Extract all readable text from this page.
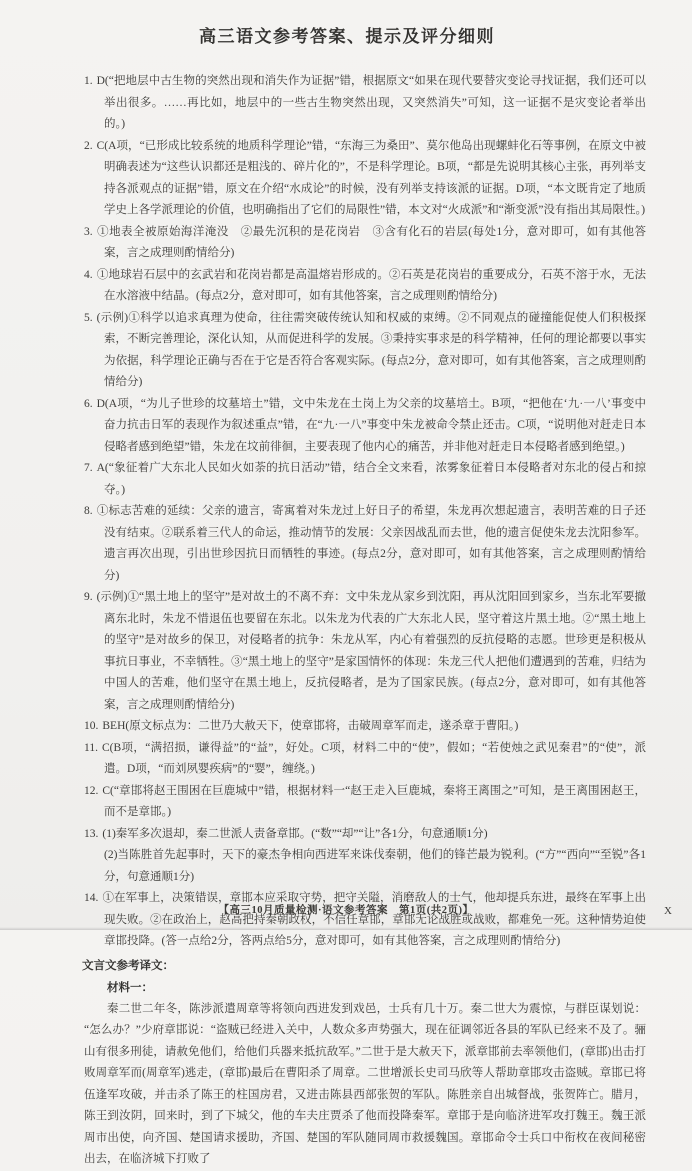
高三语文参考答案、提示及评分细则

1. D(“把地层中古生物的突然出现和消失作为证据”错，根据原文“如果在现代要替灾变论寻找证据，我们还可以举出很多。……再比如，地层中的一些古生物突然出现，又突然消失”可知，这一证据不是灾变论者举出的。)

2. C(A项，“已形成比较系统的地质科学理论”错，“东海三为桑田”、莫尔他岛出现螺蚌化石等事例，在原文中被明确表述为“这些认识都还是粗浅的、碎片化的”，不是科学理论。B项，“都是先说明其核心主张，再列举支持各派观点的证据”错，原文在介绍“水成论”的时候，没有列举支持该派的证据。D项，“本文既肯定了地质学史上各学派理论的价值，也明确指出了它们的局限性”错，本文对“火成派”和“渐变派”没有指出其局限性。)

3. ①地表全被原始海洋淹没　②最先沉积的是花岗岩　③含有化石的岩层(每处1分，意对即可，如有其他答案，言之成理则酌情给分)

4. ①地球岩石层中的玄武岩和花岗岩都是高温熔岩形成的。②石英是花岗岩的重要成分，石英不溶于水，无法在水溶液中结晶。(每点2分，意对即可，如有其他答案，言之成理则酌情给分)

5. (示例)①科学以追求真理为使命，往往需突破传统认知和权威的束缚。②不同观点的碰撞能促使人们积极探索，不断完善理论，深化认知，从而促进科学的发展。③秉持实事求是的科学精神，任何的理论都要以事实为依据，科学理论正确与否在于它是否符合客观实际。(每点2分，意对即可，如有其他答案，言之成理则酌情给分)

6. D(A项，“为儿子世珍的坟墓培土”错，文中朱龙在土岗上为父亲的坟墓培土。B项，“把他在‘九·一八’事变中奋力抗击日军的表现作为叙述重点”错，在“九·一八”事变中朱龙被命令禁止还击。C项，“说明他对赶走日本侵略者感到绝望”错，朱龙在坟前徘徊，主要表现了他内心的痛苦，并非他对赶走日本侵略者感到绝望。)

7. A(“象征着广大东北人民如火如荼的抗日活动”错，结合全文来看，浓雾象征着日本侵略者对东北的侵占和掠夺。)

8. ①标志苦难的延续：父亲的遗言，寄寓着对朱龙过上好日子的希望，朱龙再次想起遗言，表明苦难的日子还没有结束。②联系着三代人的命运，推动情节的发展：父亲因战乱而去世，他的遗言促使朱龙去沈阳参军。遗言再次出现，引出世珍因抗日而牺牲的事迹。(每点2分，意对即可，如有其他答案，言之成理则酌情给分)

9. (示例)①“黑土地上的坚守”是对故土的不离不弃：文中朱龙从家乡到沈阳，再从沈阳回到家乡，当东北军要撤离东北时，朱龙不惜退伍也要留在东北。以朱龙为代表的广大东北人民，坚守着这片黑土地。②“黑土地上的坚守”是对故乡的保卫，对侵略者的抗争：朱龙从军，内心有着强烈的反抗侵略的志愿。世珍更是积极从事抗日事业，不幸牺牲。③“黑土地上的坚守”是家国情怀的体现：朱龙三代人把他们遭遇到的苦难，归结为中国人的苦难，他们坚守在黑土地上，反抗侵略者，是为了国家民族。(每点2分，意对即可，如有其他答案，言之成理则酌情给分)

10. BEH(原文标点为：二世乃大赦天下，使章邯将，击破周章军而走，遂杀章于曹阳。)

11. C(B项，“满招损，谦得益”的“益”，好处。C项，材料二中的“使”，假如；“若使烛之武见秦君”的“使”，派遣。D项，“而刘夙婴疾病”的“婴”，缠绕。)

12. C(“章邯将赵王围困在巨鹿城中”错，根据材料一“赵王走入巨鹿城，秦将王离围之”可知，是王离围困赵王，而不是章邯。)

13. (1)秦军多次退却，秦二世派人责备章邯。(“数”“却”“让”各1分，句意通顺1分)

(2)当陈胜首先起事时，天下的豪杰争相向西进军来诛伐秦朝，他们的锋芒最为锐利。(“方”“西向”“至锐”各1分，句意通顺1分)

14. ①在军事上，决策错误，章邯本应采取守势，把守关隘，消磨敌人的士气，他却提兵东进，最终在军事上出现失败。②在政治上，赵高把持秦朝政权，不信任章邯，章邯无论战胜或战败，都难免一死。这种情势迫使章邯投降。(答一点给2分，答两点给5分，意对即可，如有其他答案，言之成理则酌情给分)

文言文参考译文：

材料一：

秦二世二年冬，陈涉派遣周章等将领向西进发到戏邑，士兵有几十万。秦二世大为震惊，与群臣谋划说：“怎么办？”少府章邯说：“盗贼已经进入关中，人数众多声势强大，现在征调邻近各县的军队已经来不及了。骊山有很多刑徒，请赦免他们，给他们兵器来抵抗敌军。”二世于是大赦天下，派章邯前去率领他们，(章邯)出击打败周章军而(周章军)逃走，(章邯)最后在曹阳杀了周章。二世增派长史司马欣等人帮助章邯攻击盗贼。章邯已将伍逢军攻破，并击杀了陈王的柱国房君，又进击陈县西部张贺的军队。陈胜亲自出城督战，张贺阵亡。腊月，陈王到汝阴，回来时，到了下城父，他的车夫庄贾杀了他而投降秦军。章邯于是向临济进军攻打魏王。魏王派周市出使，向齐国、楚国请求援助，齐国、楚国的军队随同周市救援魏国。章邯命令士兵口中衔枚在夜间秘密出去，在临济城下打败了

【高三10月质量检测·语文参考答案　第1页(共2页)】	X
